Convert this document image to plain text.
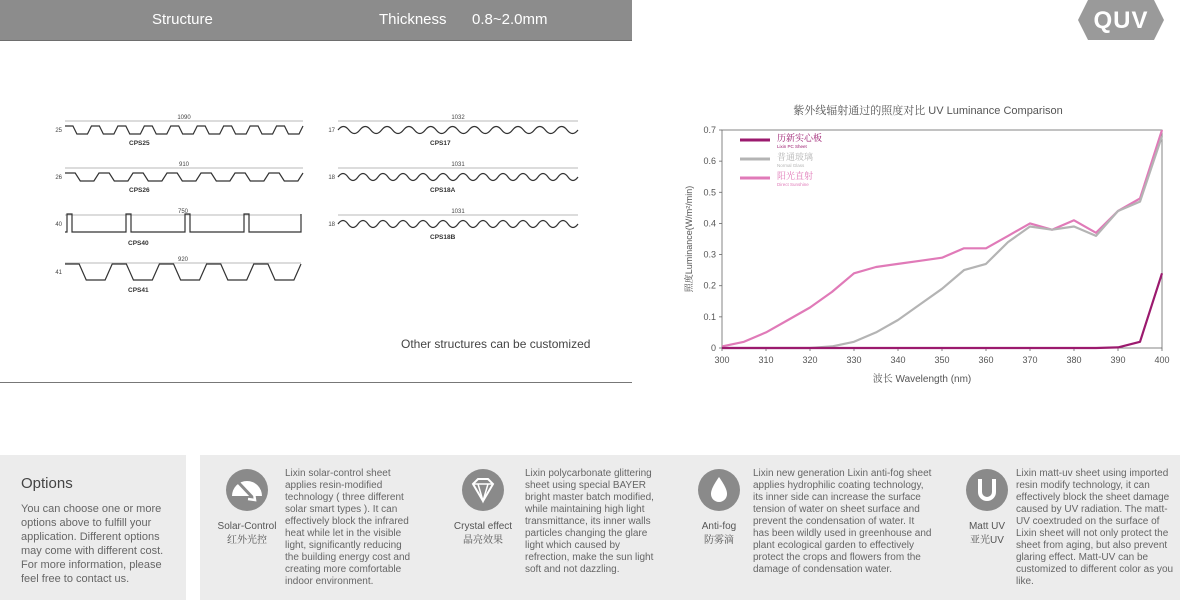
Structure	Thickness 0.8~2.0mm	QUV
1090
25
CPS25
910
26
CPS26
750
40
CPS40
920
41
CPS41
1032
17
CPS17
1031
18
CPS18A
1031
18
CPS18B
Other structures can be customized
紫外线辐射通过的照度对比 UV Luminance Comparison
0
0.1
0.2
0.3
0.4
0.5
0.6
0.7
300	310	320	330	340	350	360	370	380	390	400
波长 Wavelength (nm)
照度Luminance(W/m²/min)
历新实心板
Lixin PC Sheet
普通玻璃
Normal Glass
阳光直射
Direct Sunshine
Options
You can choose one or more options above to fulfill your application. Different options may come with different cost. For more information, please feel free to contact us.
Solar-Control
红外光控
Lixin solar-control sheet applies resin-modified technology ( three different solar smart types ). It can effectively block the infrared heat while let in the visible light, significantly reducing the building energy cost and creating more comfortable indoor environment.
Crystal effect
晶亮效果
Lixin polycarbonate glittering sheet using special BAYER bright master batch modified, while maintaining high light transmittance, its inner walls particles changing the glare light which caused by refrection, make the sun light soft and not dazzling.
Anti-fog
防雾滴
Lixin new generation Lixin anti-fog sheet applies hydrophilic coating technology, its inner side can increase the surface tension of water on sheet surface and prevent the condensation of water. It has been wildly used in greenhouse and plant ecological garden to effectively protect the crops and flowers from the damage of condensation water.
Matt UV
亚光UV
Lixin matt-uv sheet using imported resin modify technology, it can effectively block the sheet damage caused by UV radiation. The matt-UV coextruded on the surface of Lixin sheet will not only protect the sheet from aging, but also prevent glaring effect. Matt-UV can be customized to different color as you like.
